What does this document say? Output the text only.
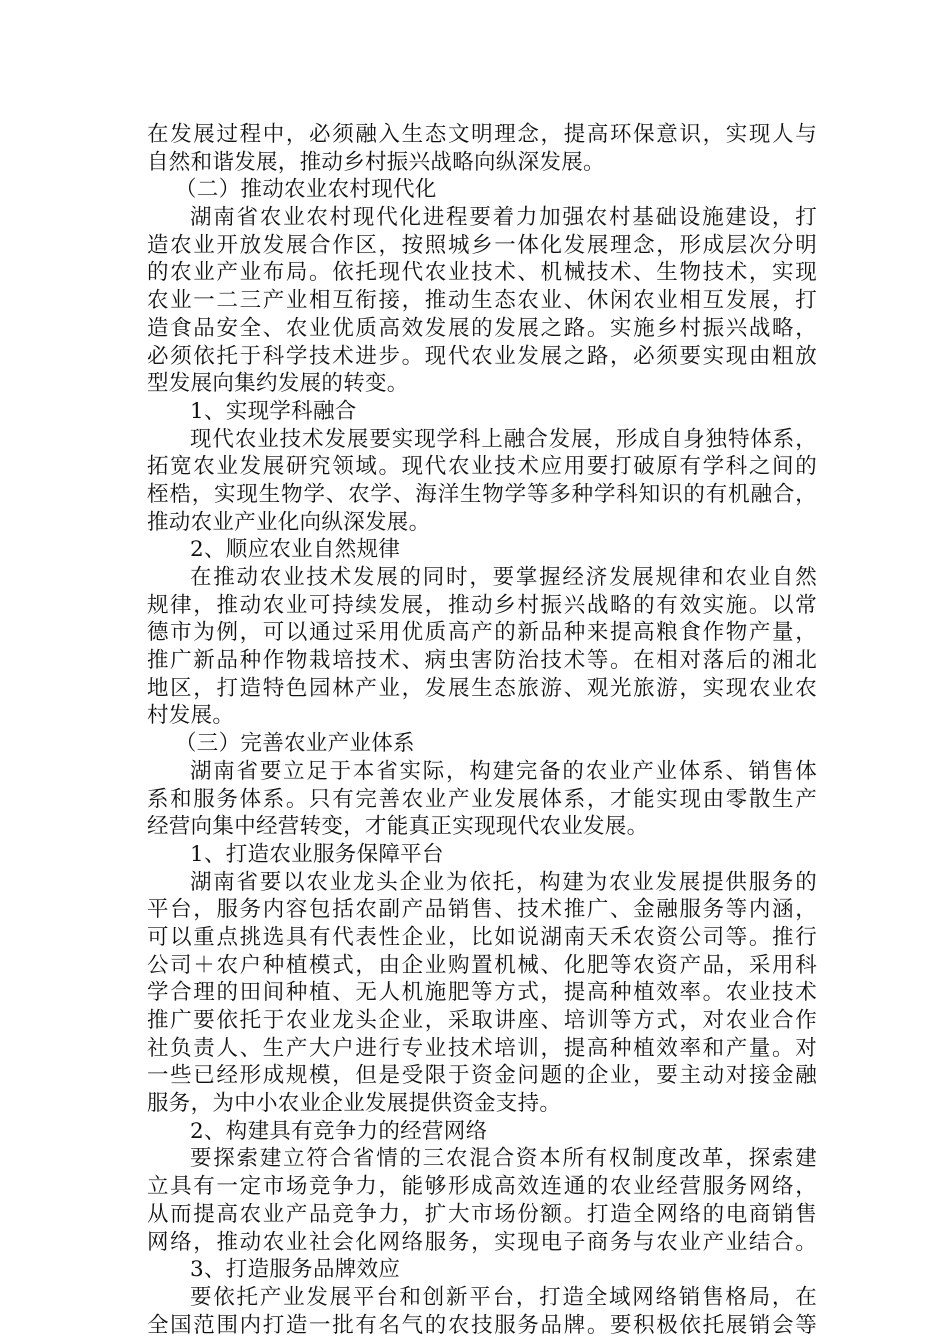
在发展过程中，必须融入生态文明理念，提高环保意识，实现人与
自然和谐发展，推动乡村振兴战略向纵深发展。
（二）推动农业农村现代化
湖南省农业农村现代化进程要着力加强农村基础设施建设，打
造农业开放发展合作区，按照城乡一体化发展理念，形成层次分明
的农业产业布局。依托现代农业技术、机械技术、生物技术，实现
农业一二三产业相互衔接，推动生态农业、休闲农业相互发展，打
造食品安全、农业优质高效发展的发展之路。实施乡村振兴战略，
必须依托于科学技术进步。现代农业发展之路，必须要实现由粗放
型发展向集约发展的转变。
1、实现学科融合
现代农业技术发展要实现学科上融合发展，形成自身独特体系，
拓宽农业发展研究领域。现代农业技术应用要打破原有学科之间的
桎梏，实现生物学、农学、海洋生物学等多种学科知识的有机融合，
推动农业产业化向纵深发展。
2、顺应农业自然规律
在推动农业技术发展的同时，要掌握经济发展规律和农业自然
规律，推动农业可持续发展，推动乡村振兴战略的有效实施。以常
德市为例，可以通过采用优质高产的新品种来提高粮食作物产量，
推广新品种作物栽培技术、病虫害防治技术等。在相对落后的湘北
地区，打造特色园林产业，发展生态旅游、观光旅游，实现农业农
村发展。
（三）完善农业产业体系
湖南省要立足于本省实际，构建完备的农业产业体系、销售体
系和服务体系。只有完善农业产业发展体系，才能实现由零散生产
经营向集中经营转变，才能真正实现现代农业发展。
1、打造农业服务保障平台
湖南省要以农业龙头企业为依托，构建为农业发展提供服务的
平台，服务内容包括农副产品销售、技术推广、金融服务等内涵，
可以重点挑选具有代表性企业，比如说湖南天禾农资公司等。推行
公司＋农户种植模式，由企业购置机械、化肥等农资产品，采用科
学合理的田间种植、无人机施肥等方式，提高种植效率。农业技术
推广要依托于农业龙头企业，采取讲座、培训等方式，对农业合作
社负责人、生产大户进行专业技术培训，提高种植效率和产量。对
一些已经形成规模，但是受限于资金问题的企业，要主动对接金融
服务，为中小农业企业发展提供资金支持。
2、构建具有竞争力的经营网络
要探索建立符合省情的三农混合资本所有权制度改革，探索建
立具有一定市场竞争力，能够形成高效连通的农业经营服务网络，
从而提高农业产品竞争力，扩大市场份额。打造全网络的电商销售
网络，推动农业社会化网络服务，实现电子商务与农业产业结合。
3、打造服务品牌效应
要依托产业发展平台和创新平台，打造全域网络销售格局，在
全国范围内打造一批有名气的农技服务品牌。要积极依托展销会等
